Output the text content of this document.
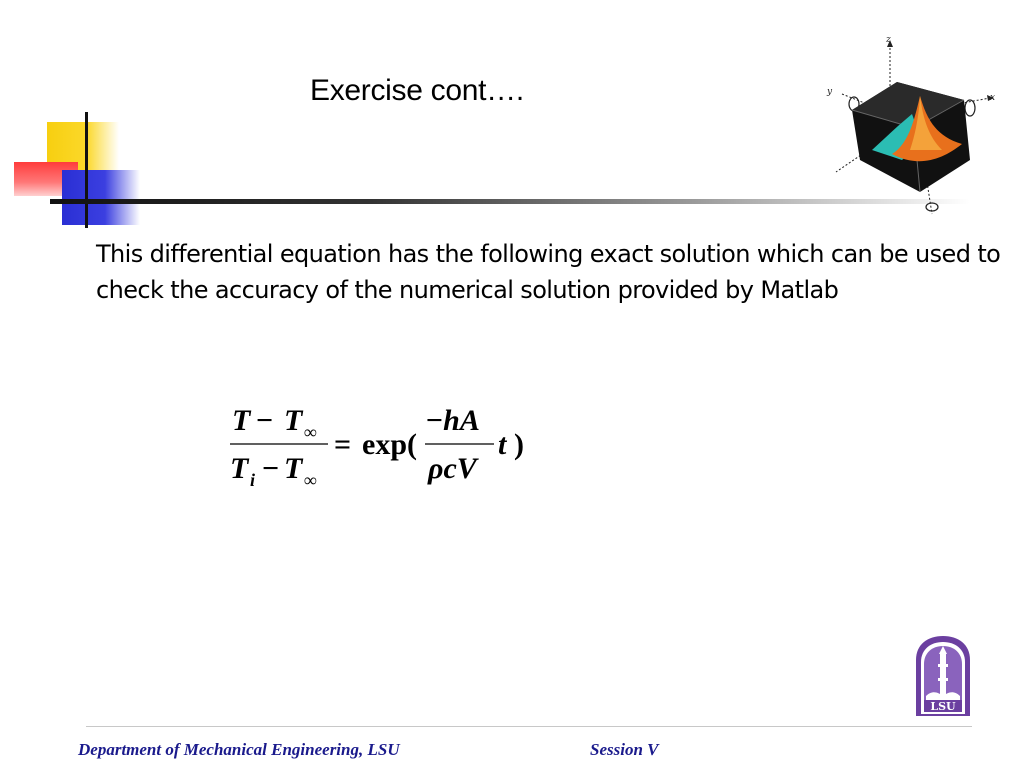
Exercise cont….
z
y
x
This differential equation has the following exact solution which can be used to check the accuracy of the numerical solution provided by Matlab
T − T ∞
T i − T ∞
= exp(
−hA
ρcV
t )
LSU
Department of Mechanical Engineering, LSU	Session V
